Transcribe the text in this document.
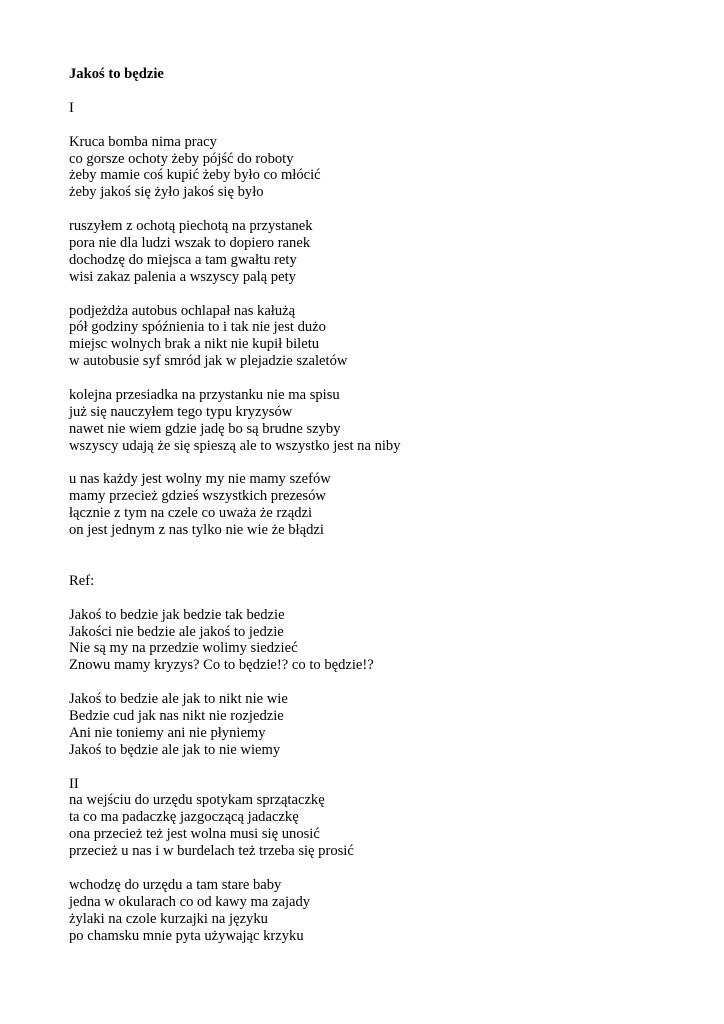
Jakoś to będzie
I
Kruca bomba nima pracy
co gorsze ochoty żeby pójść do roboty
żeby mamie coś kupić żeby było co młócić
żeby jakoś się żyło jakoś się było
ruszyłem z ochotą piechotą na przystanek
pora nie dla ludzi wszak to dopiero ranek
dochodzę do miejsca a tam gwałtu rety
wisi zakaz palenia a wszyscy palą pety
podjeżdża autobus ochlapał nas kałużą
pół godziny spóźnienia to i tak nie jest dużo
miejsc wolnych brak a nikt nie kupił biletu
w autobusie syf smród jak w plejadzie szaletów
kolejna przesiadka na przystanku nie ma spisu
już się nauczyłem tego typu kryzysów
nawet nie wiem gdzie jadę bo są brudne szyby
wszyscy udają że się spieszą ale to wszystko jest na niby
u nas każdy jest wolny my nie mamy szefów
mamy przecież gdzieś wszystkich prezesów
łącznie z tym na czele co uważa że rządzi
on jest jednym z nas tylko nie wie że błądzi
Ref:
Jakoś to bedzie jak bedzie tak bedzie
Jakości nie bedzie ale jakoś to jedzie
Nie są my na przedzie wolimy siedzieć
Znowu mamy kryzys? Co to będzie!? co to będzie!?
Jakoś to bedzie ale jak to nikt nie wie
Bedzie cud jak nas nikt nie rozjedzie
Ani nie toniemy ani nie płyniemy
Jakoś to będzie ale jak to nie wiemy
II
na wejściu do urzędu spotykam sprzątaczkę
ta co ma padaczkę jazgoczącą jadaczkę
ona przecież też jest wolna musi się unosić
przecież u nas i w burdelach też trzeba się prosić
wchodzę do urzędu a tam stare baby
jedna w okularach co od kawy ma zajady
żylaki na czole kurzajki na języku
po chamsku mnie pyta używając krzyku
